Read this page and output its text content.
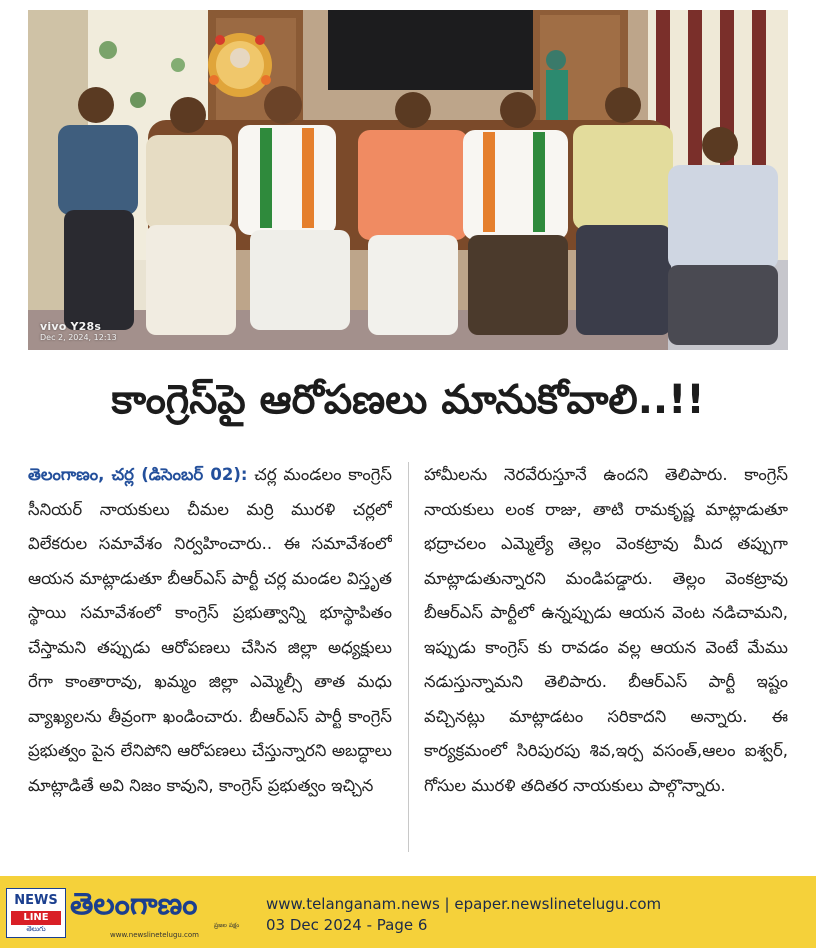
vivo Y28s
Dec 2, 2024, 12:13
కాంగ్రెస్‌పై ఆరోపణలు మానుకోవాలి..!!
తెలంగాణం, చర్ల (డిసెంబర్ 02): చర్ల మండలం కాంగ్రెస్ సీనియర్ నాయకులు చీమల మర్రి మురళి చర్లలో విలేకరుల సమావేశం నిర్వహించారు.. ఈ సమావేశంలో ఆయన మాట్లాడుతూ బీఆర్ఎస్ పార్టీ చర్ల మండల విస్తృత స్థాయి సమావేశంలో కాంగ్రెస్ ప్రభుత్వాన్ని భూస్థాపితం చేస్తామని తప్పుడు ఆరోపణలు చేసిన జిల్లా అధ్యక్షులు రేగా కాంతారావు, ఖమ్మం జిల్లా ఎమ్మెల్సీ తాత మధు వ్యాఖ్యలను తీవ్రంగా ఖండించారు. బీఆర్ఎస్ పార్టీ కాంగ్రెస్ ప్రభుత్వం పైన లేనిపోని ఆరోపణలు చేస్తున్నారని అబద్ధాలు మాట్లాడితే అవి నిజం కావుని, కాంగ్రెస్ ప్రభుత్వం ఇచ్చిన
హామీలను నెరవేరుస్తూనే ఉందని తెలిపారు. కాంగ్రెస్ నాయకులు లంక రాజు, తాటి రామకృష్ణ మాట్లాడుతూ భద్రాచలం ఎమ్మెల్యే తెల్లం వెంకట్రావు మీద తప్పుగా మాట్లాడుతున్నారని మండిపడ్డారు. తెల్లం వెంకట్రావు బీఆర్ఎస్ పార్టీలో ఉన్నప్పుడు ఆయన వెంట నడిచామని, ఇప్పుడు కాంగ్రెస్ కు రావడం వల్ల ఆయన వెంటే మేము నడుస్తున్నామని తెలిపారు. బీఆర్ఎస్ పార్టీ ఇష్టం వచ్చినట్లు మాట్లాడటం సరికాదని అన్నారు. ఈ కార్యక్రమంలో సిరిపురపు శివ,ఇర్ప వసంత్,ఆలం ఐశ్వర్, గోసుల మురళి తదితర నాయకులు పాల్గొన్నారు.
NEWS
LINE
తెలుగు
తెలంగాణం
ప్రజల పక్షం
www.newslinetelugu.com
www.telanganam.news | epaper.newslinetelugu.com
03 Dec 2024 - Page 6
